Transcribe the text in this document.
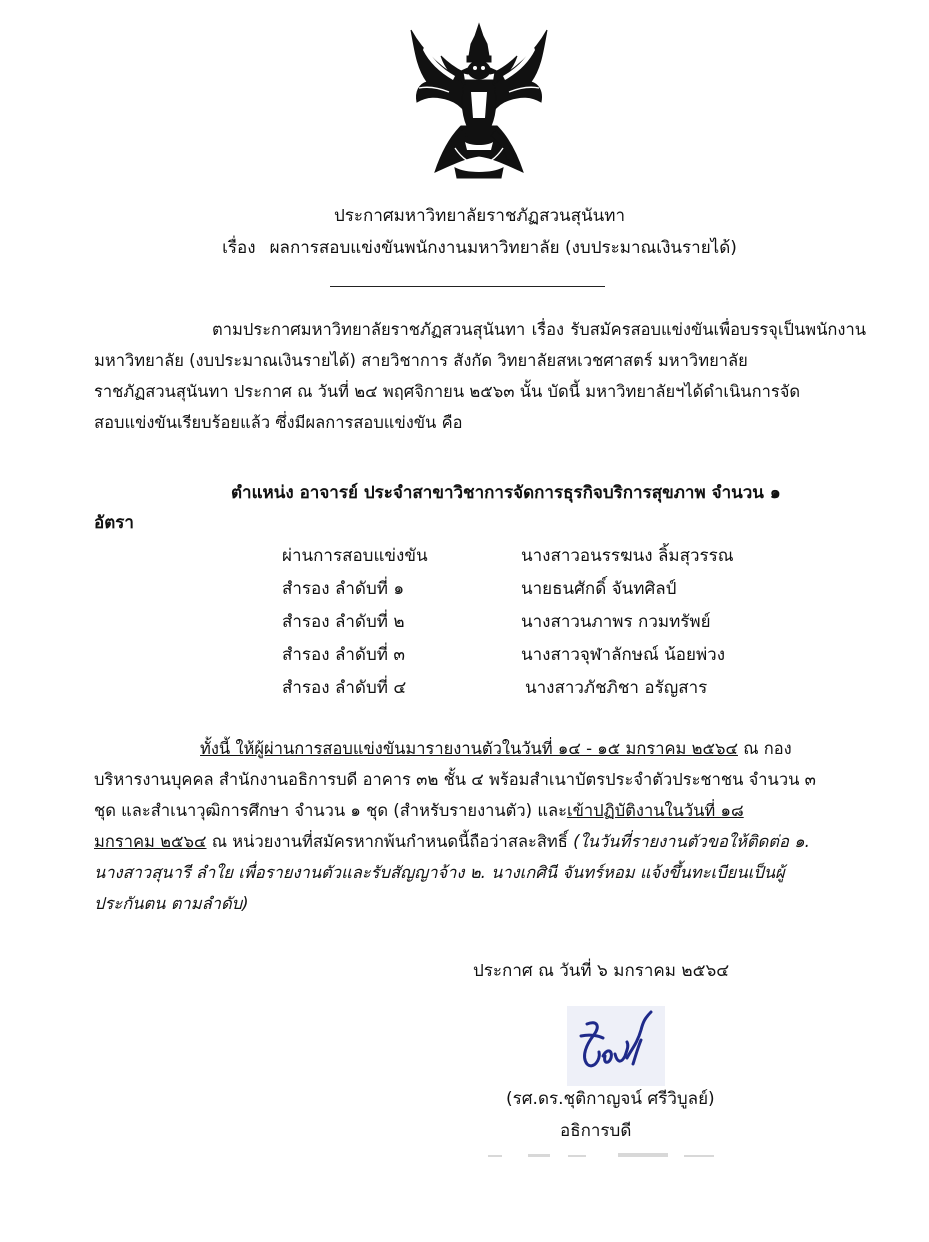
ประกาศมหาวิทยาลัยราชภัฏสวนสุนันทา
เรื่อง ผลการสอบแข่งขันพนักงานมหาวิทยาลัย (งบประมาณเงินรายได้)
ตามประกาศมหาวิทยาลัยราชภัฏสวนสุนันทา เรื่อง รับสมัครสอบแข่งขันเพื่อบรรจุเป็นพนักงานมหาวิทยาลัย (งบประมาณเงินรายได้) สายวิชาการ สังกัด วิทยาลัยสหเวชศาสตร์ มหาวิทยาลัย
ราชภัฏสวนสุนันทา ประกาศ ณ วันที่ ๒๔ พฤศจิกายน ๒๕๖๓ นั้น บัดนี้ มหาวิทยาลัยฯได้ดำเนินการจัด
สอบแข่งขันเรียบร้อยแล้ว ซึ่งมีผลการสอบแข่งขัน คือ
ตำแหน่ง อาจารย์ ประจำสาขาวิชาการจัดการธุรกิจบริการสุขภาพ จำนวน ๑
อัตรา
ผ่านการสอบแข่งขัน	นางสาวอนรรฆนง ลิ้มสุวรรณ
สำรอง ลำดับที่ ๑	นายธนศักดิ์ จันทศิลป์
สำรอง ลำดับที่ ๒	นางสาวนภาพร กวมทรัพย์
สำรอง ลำดับที่ ๓	นางสาวจุฬาลักษณ์ น้อยพ่วง
สำรอง ลำดับที่ ๔	นางสาวภัชภิชา อรัญสาร
ทั้งนี้ ให้ผู้ผ่านการสอบแข่งขันมารายงานตัวในวันที่ ๑๔ - ๑๕ มกราคม ๒๕๖๔ ณ กอง
บริหารงานบุคคล สำนักงานอธิการบดี อาคาร ๓๒ ชั้น ๔ พร้อมสำเนาบัตรประจำตัวประชาชน จำนวน ๓
ชุด และสำเนาวุฒิการศึกษา จำนวน ๑ ชุด (สำหรับรายงานตัว) และเข้าปฏิบัติงานในวันที่ ๑๘
มกราคม ๒๕๖๔ ณ หน่วยงานที่สมัครหากพ้นกำหนดนี้ถือว่าสละสิทธิ์ (ในวันที่รายงานตัวขอให้ติดต่อ ๑.
นางสาวสุนารี ลำใย เพื่อรายงานตัวและรับสัญญาจ้าง ๒. นางเกศินี จันทร์หอม แจ้งขึ้นทะเบียนเป็นผู้
ประกันตน ตามลำดับ)
ประกาศ ณ วันที่ ๖ มกราคม ๒๕๖๔
(รศ.ดร.ชุติกาญจน์ ศรีวิบูลย์)
อธิการบดี
